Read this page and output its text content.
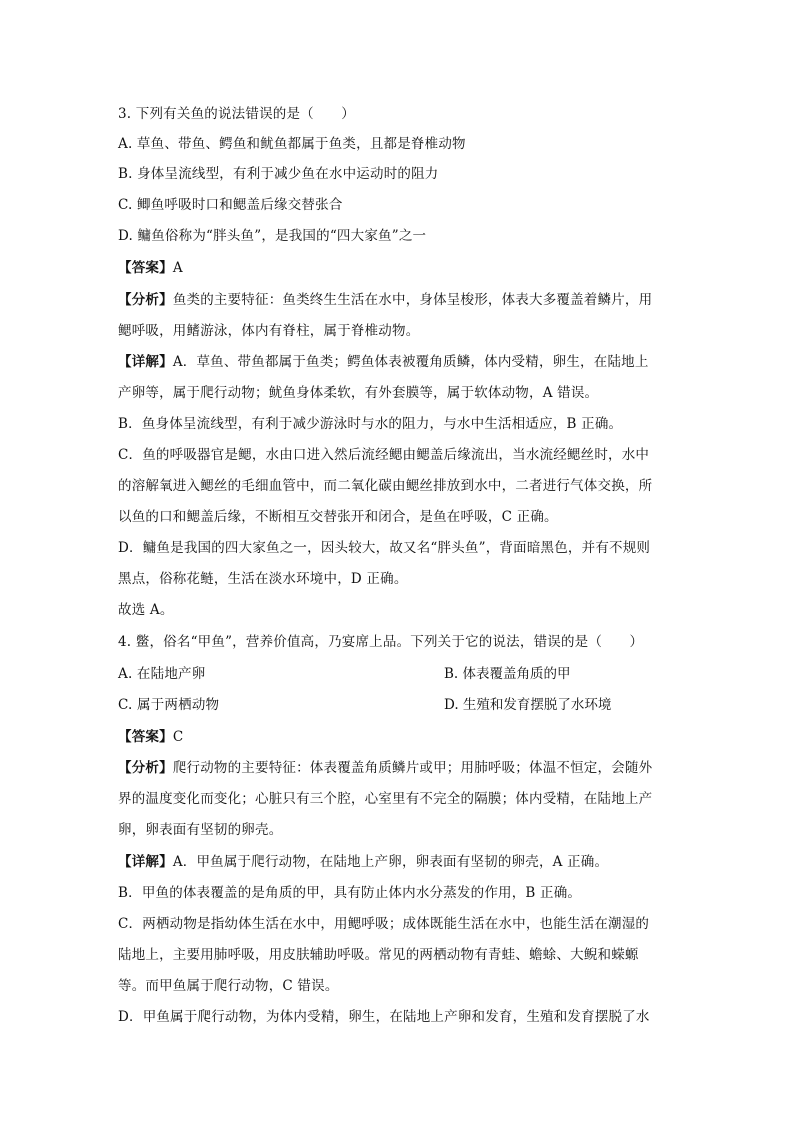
3. 下列有关鱼的说法错误的是（　　）
A. 草鱼、带鱼、鳄鱼和鱿鱼都属于鱼类，且都是脊椎动物
B. 身体呈流线型，有利于减少鱼在水中运动时的阻力
C. 鲫鱼呼吸时口和鳃盖后缘交替张合
D. 鳙鱼俗称为“胖头鱼”，是我国的“四大家鱼”之一
【答案】A
【分析】鱼类的主要特征：鱼类终生生活在水中，身体呈梭形，体表大多覆盖着鳞片，用
鳃呼吸，用鳍游泳，体内有脊柱，属于脊椎动物。
【详解】A．草鱼、带鱼都属于鱼类；鳄鱼体表被覆角质鳞，体内受精，卵生，在陆地上
产卵等，属于爬行动物；鱿鱼身体柔软，有外套膜等，属于软体动物，A 错误。
B．鱼身体呈流线型，有利于减少游泳时与水的阻力，与水中生活相适应，B 正确。
C．鱼的呼吸器官是鳃，水由口进入然后流经鳃由鳃盖后缘流出，当水流经鳃丝时，水中
的溶解氧进入鳃丝的毛细血管中，而二氧化碳由鳃丝排放到水中，二者进行气体交换，所
以鱼的口和鳃盖后缘，不断相互交替张开和闭合，是鱼在呼吸，C 正确。
D．鳙鱼是我国的四大家鱼之一，因头较大，故又名“胖头鱼”，背面暗黑色，并有不规则
黑点，俗称花鲢，生活在淡水环境中，D 正确。
故选 A。
4. 鳖，俗名“甲鱼”，营养价值高，乃宴席上品。下列关于它的说法，错误的是（　　）
A. 在陆地产卵	B. 体表覆盖角质的甲
C. 属于两栖动物	D. 生殖和发育摆脱了水环境
【答案】C
【分析】爬行动物的主要特征：体表覆盖角质鳞片或甲；用肺呼吸；体温不恒定，会随外
界的温度变化而变化；心脏只有三个腔，心室里有不完全的隔膜；体内受精，在陆地上产
卵，卵表面有坚韧的卵壳。
【详解】A．甲鱼属于爬行动物，在陆地上产卵，卵表面有坚韧的卵壳，A 正确。
B．甲鱼的体表覆盖的是角质的甲，具有防止体内水分蒸发的作用，B 正确。
C．两栖动物是指幼体生活在水中，用鳃呼吸；成体既能生活在水中，也能生活在潮湿的
陆地上，主要用肺呼吸，用皮肤辅助呼吸。常见的两栖动物有青蛙、蟾蜍、大鲵和蝾螈
等。而甲鱼属于爬行动物，C 错误。
D．甲鱼属于爬行动物，为体内受精，卵生，在陆地上产卵和发育，生殖和发育摆脱了水
